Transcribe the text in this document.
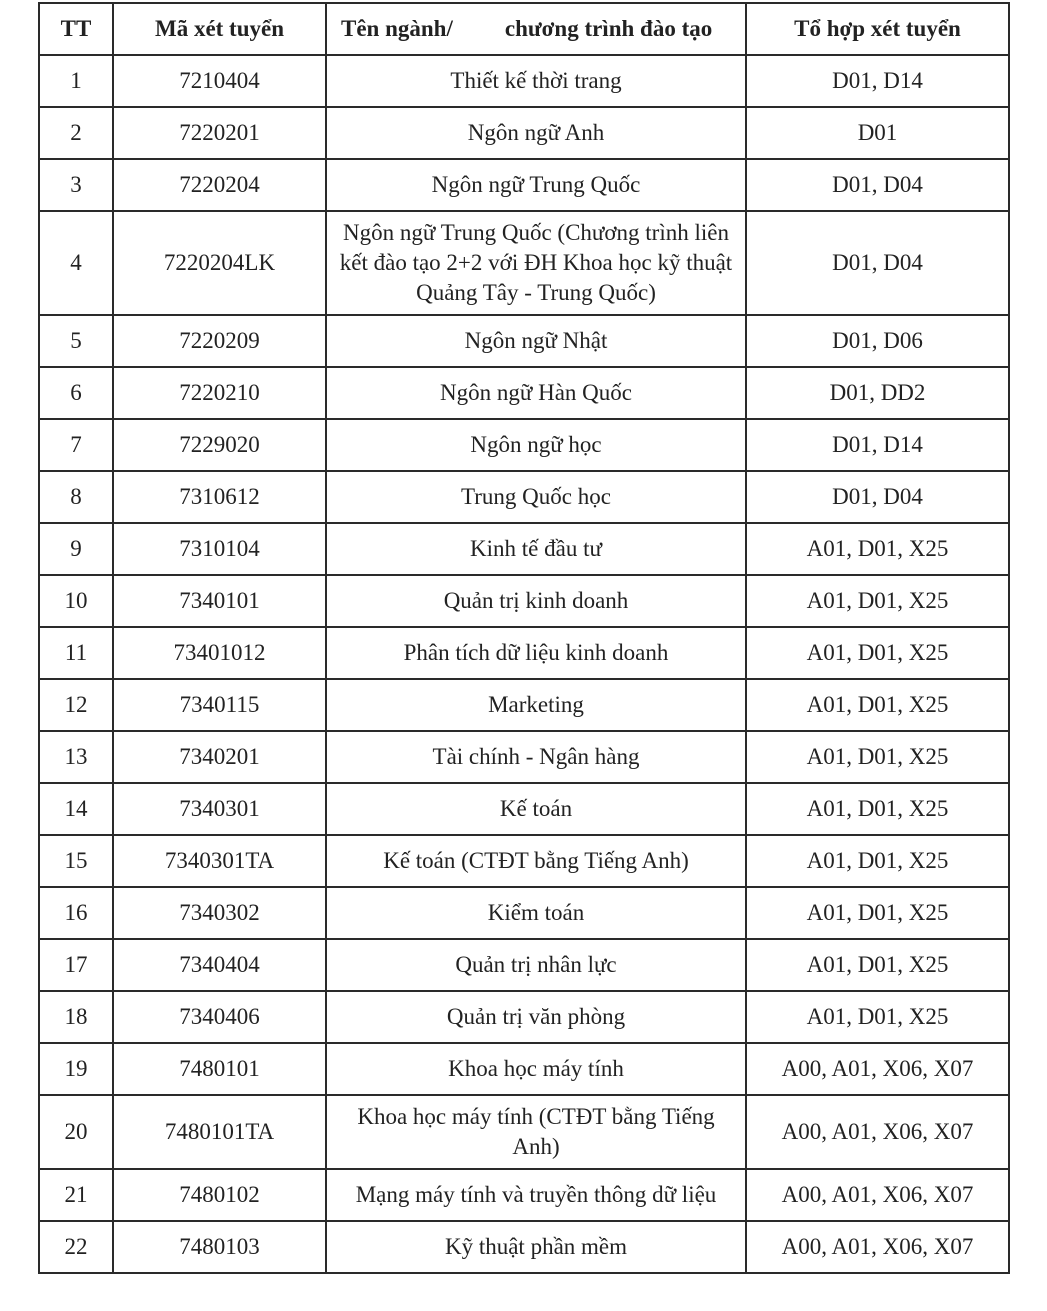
TT	Mã xét tuyển	Tên ngành/ chương trình đào tạo	Tổ hợp xét tuyển
1	7210404	Thiết kế thời trang	D01, D14
2	7220201	Ngôn ngữ Anh	D01
3	7220204	Ngôn ngữ Trung Quốc	D01, D04
4	7220204LK	Ngôn ngữ Trung Quốc (Chương trình liên kết đào tạo 2+2 với ĐH Khoa học kỹ thuật Quảng Tây - Trung Quốc)	D01, D04
5	7220209	Ngôn ngữ Nhật	D01, D06
6	7220210	Ngôn ngữ Hàn Quốc	D01, DD2
7	7229020	Ngôn ngữ học	D01, D14
8	7310612	Trung Quốc học	D01, D04
9	7310104	Kinh tế đầu tư	A01, D01, X25
10	7340101	Quản trị kinh doanh	A01, D01, X25
11	73401012	Phân tích dữ liệu kinh doanh	A01, D01, X25
12	7340115	Marketing	A01, D01, X25
13	7340201	Tài chính - Ngân hàng	A01, D01, X25
14	7340301	Kế toán	A01, D01, X25
15	7340301TA	Kế toán (CTĐT bằng Tiếng Anh)	A01, D01, X25
16	7340302	Kiểm toán	A01, D01, X25
17	7340404	Quản trị nhân lực	A01, D01, X25
18	7340406	Quản trị văn phòng	A01, D01, X25
19	7480101	Khoa học máy tính	A00, A01, X06, X07
20	7480101TA	Khoa học máy tính (CTĐT bằng Tiếng Anh)	A00, A01, X06, X07
21	7480102	Mạng máy tính và truyền thông dữ liệu	A00, A01, X06, X07
22	7480103	Kỹ thuật phần mềm	A00, A01, X06, X07
